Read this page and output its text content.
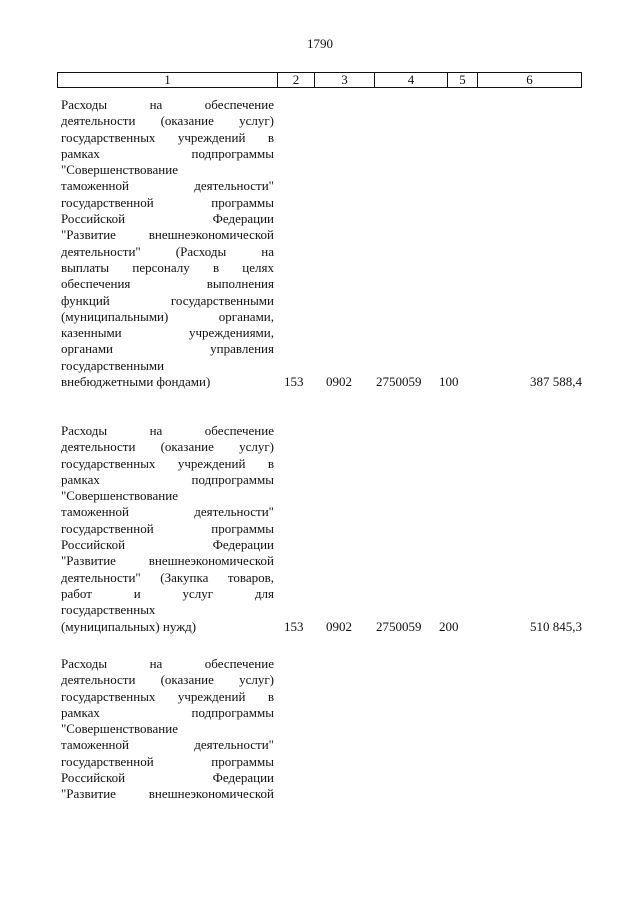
1790
1	2	3	4	5	6
Расходы на обеспечение
деятельности (оказание услуг)
государственных учреждений в
рамках подпрограммы
"Совершенствование
таможенной деятельности"
государственной программы
Российской Федерации
"Развитие внешнеэкономической
деятельности" (Расходы на
выплаты персоналу в целях
обеспечения выполнения
функций государственными
(муниципальными) органами,
казенными учреждениями,
органами управления
государственными
внебюджетными фондами)	153 0902 2750059 100	387 588,4
Расходы на обеспечение
деятельности (оказание услуг)
государственных учреждений в
рамках подпрограммы
"Совершенствование
таможенной деятельности"
государственной программы
Российской Федерации
"Развитие внешнеэкономической
деятельности" (Закупка товаров,
работ и услуг для
государственных
(муниципальных) нужд)	153 0902 2750059 200	510 845,3
Расходы на обеспечение
деятельности (оказание услуг)
государственных учреждений в
рамках подпрограммы
"Совершенствование
таможенной деятельности"
государственной программы
Российской Федерации
"Развитие внешнеэкономической
